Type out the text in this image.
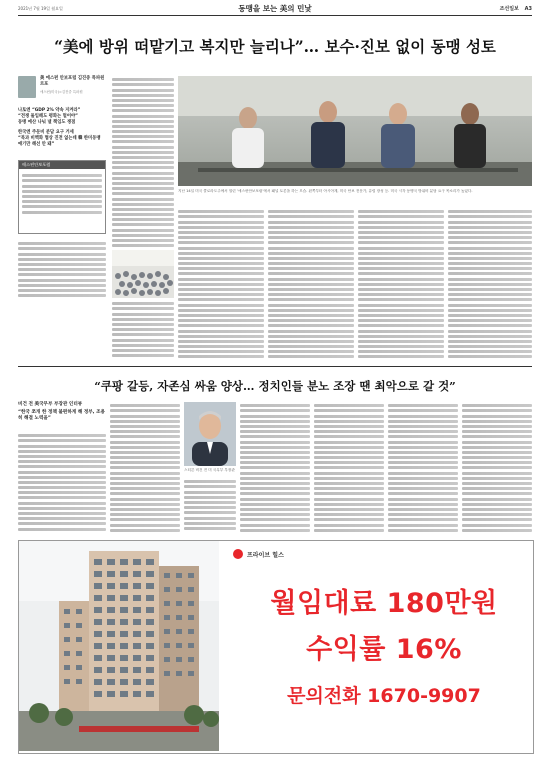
2021년 7월 19일 월요일	동맹을 보는 美의 민낯	조선일보 A3
“美에 방위 떠맡기고 복지만 늘리나”… 보수·진보 없이 동맹 성토
美 애스펀 안보포럼 김진중 특파원 르포
애스펀(미국)=김진중 특파원
나토엔 “GDP 2% 약속 지켜라”
“전쟁 돌입해도 평화는 멀어야”
동맹 예산 나눠 낼 책임도 쟁점
한국엔 주둔비 분담 요구 거세
“북과 비핵화 협상 진전 없는데 韓 한미동맹 얘기만 해선 안 돼”
애스펀안보포럼
지난 14일 미국 콜로라도주에서 열린 ‘애스펀안보포럼’에서 패널 토론을 하는 모습. 왼쪽부터 아시아계, 미국 안보 전문가, 유럽 장성 등. 미국 시각 동맹국 방위비 분담 요구 목소리가 높았다.
“쿠팡 갈등, 자존심 싸움 양상… 정치인들 분노 조장 땐 최악으로 갈 것”
비건 전 美국무부 부장관 인터뷰
“한국 쪼개 한 정책 불편하게 해 정부, 조용히 해결 노력을”
스티븐 비건 전 미 국무부 부장관
프라이브 힐스
월임대료 180만원
수익률 16%
문의전화 1670-9907
